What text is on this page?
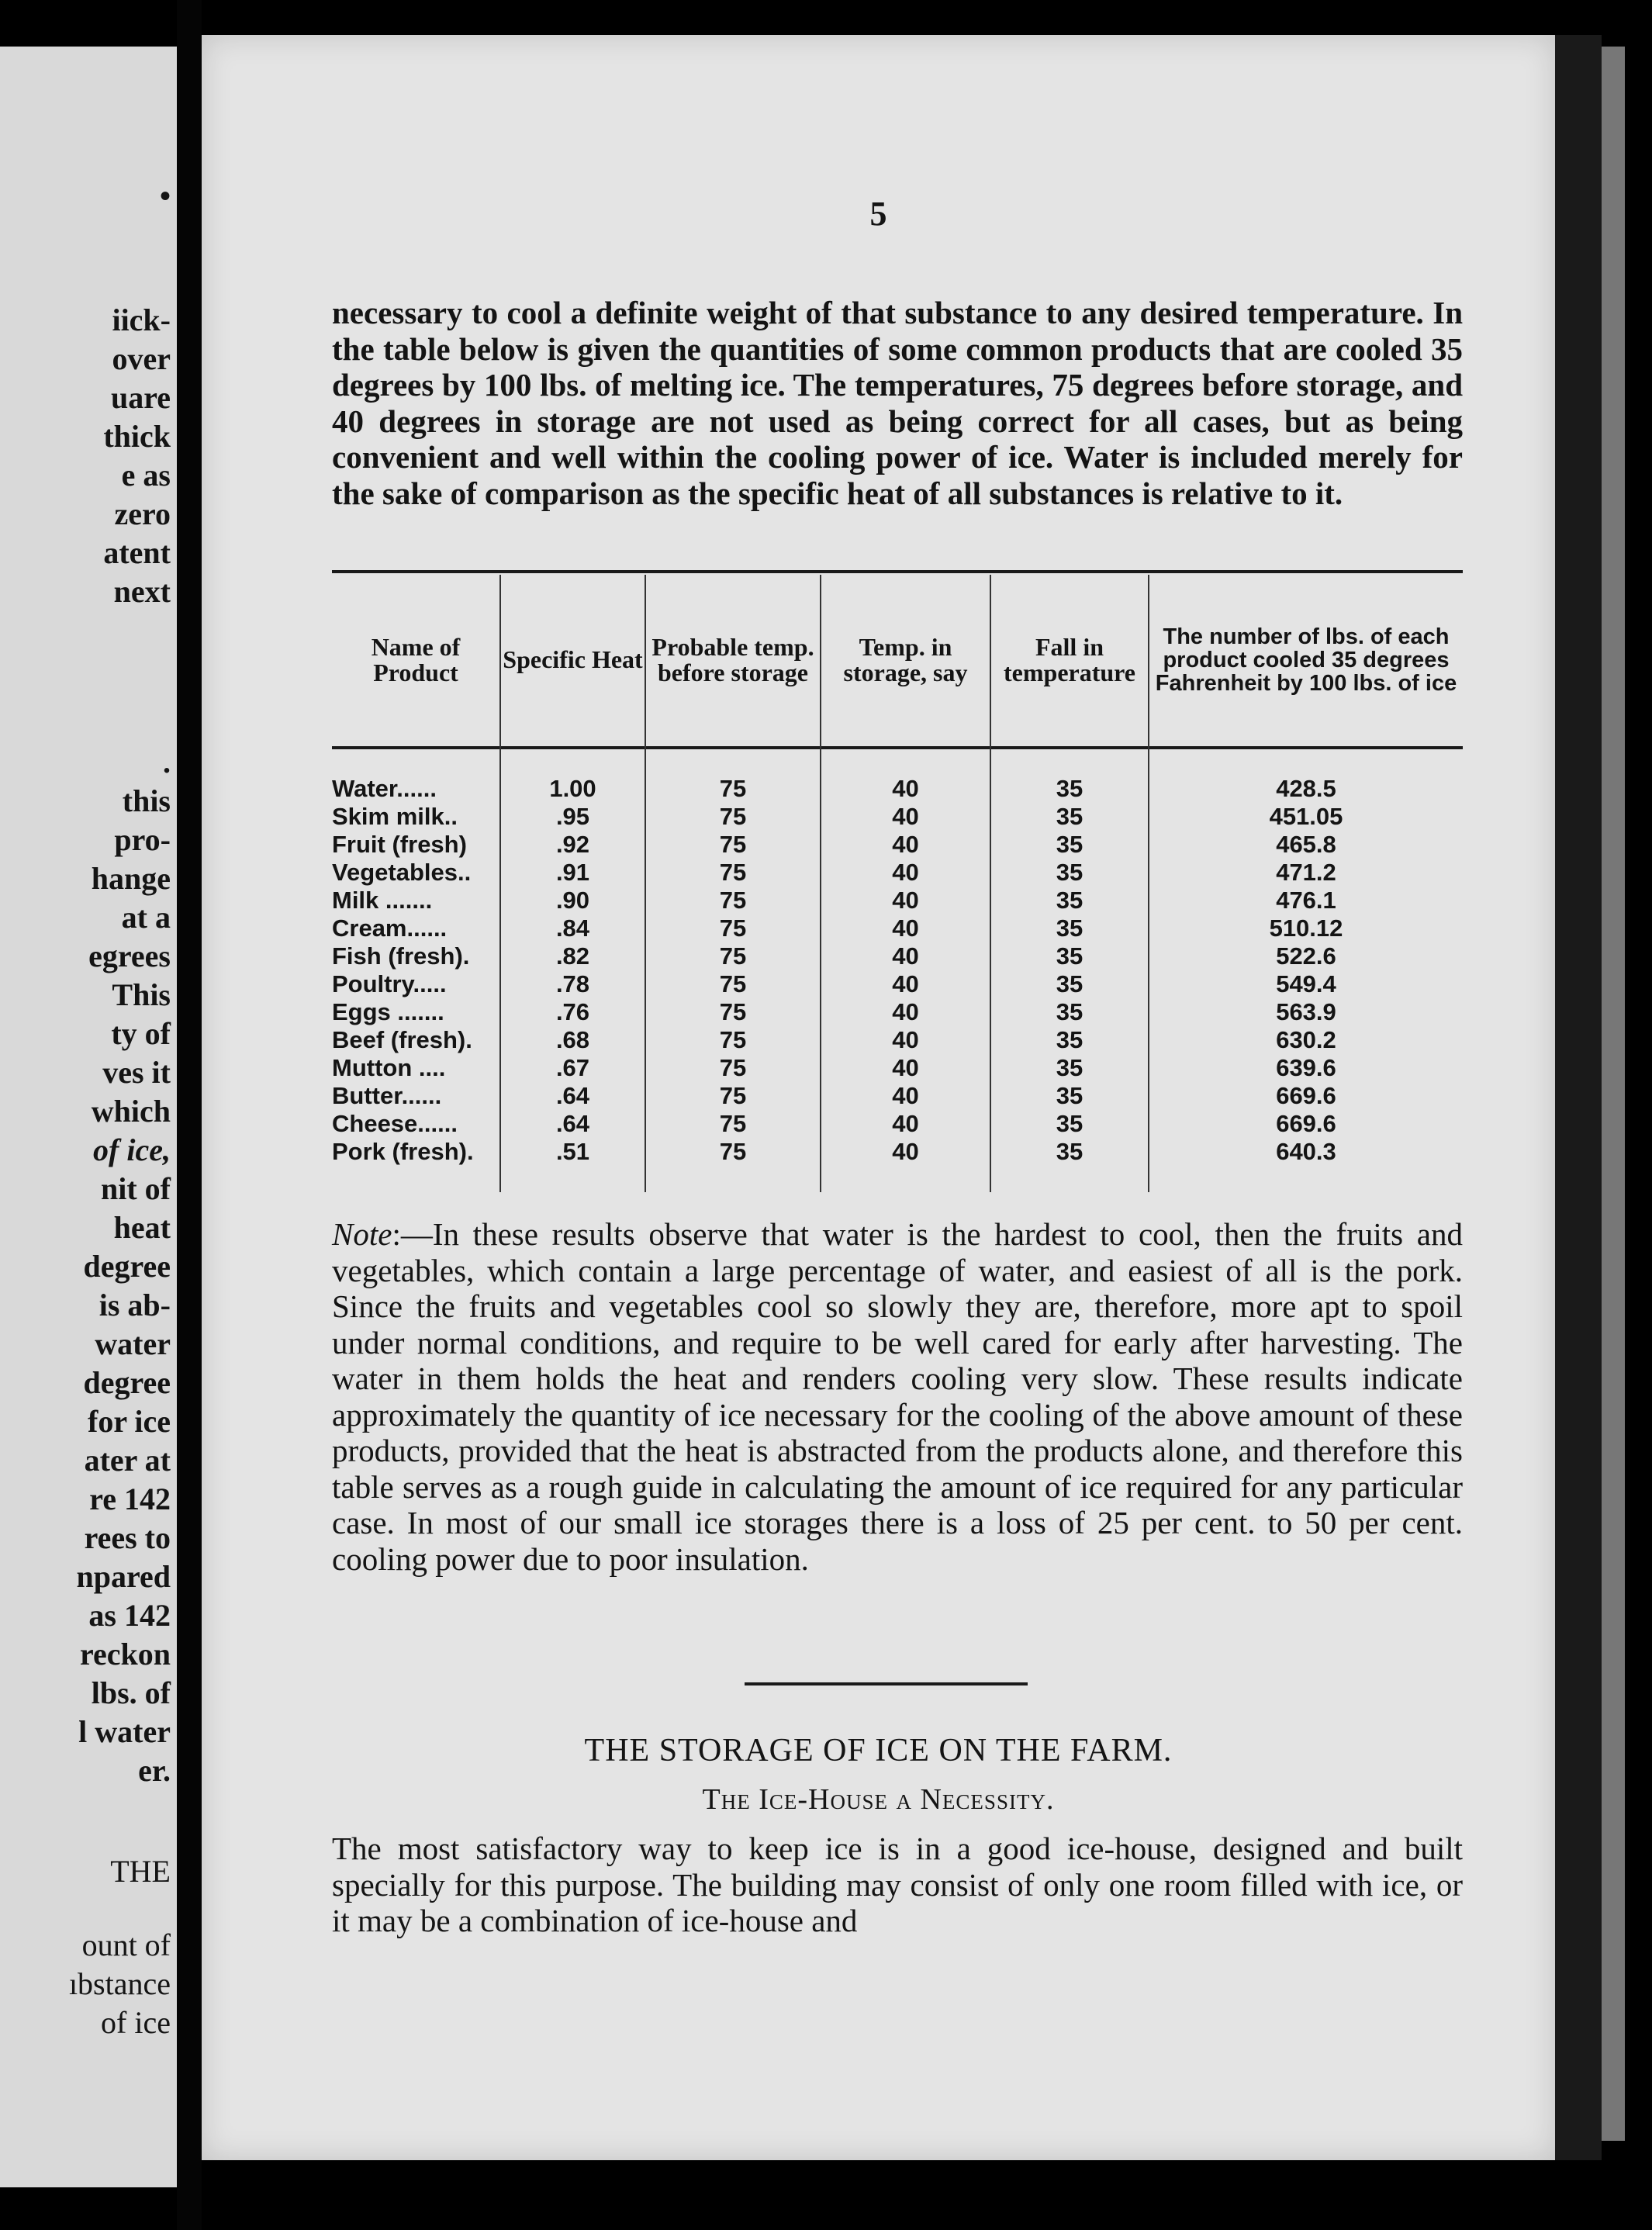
•
iick-
over
uare
thick
e as
zero
atent
next
.
this
pro-
hange
at a
egrees
This
ty of
ves it
which
of ice,
nit of
heat
degree
is ab-
water
degree
for ice
ater at
re 142
rees to
npared
as 142
reckon
lbs. of
l water
er.
THE
ount of
ıbstance
of ice
5

necessary to cool a definite weight of that substance to any desired temperature. In the table below is given the quantities of some common products that are cooled 35 degrees by 100 lbs. of melting ice. The temperatures, 75 degrees before storage, and 40 degrees in storage are not used as being correct for all cases, but as being convenient and well within the cooling power of ice. Water is included merely for the sake of comparison as the specific heat of all substances is relative to it.

Name of Product	Specific Heat Probable temp. before storage
Temp. in storage, say
Fall in temperature
The number of lbs. of each product cooled 35 degrees Fahrenheit by 100 lbs. of ice
Water......
Skim milk..
Fruit (fresh)
Vegetables..
Milk .......
Cream......
Fish (fresh).
Poultry.....
Eggs .......
Beef (fresh).
Mutton ....
Butter......
Cheese......
Pork (fresh).
1.00
.95
.92
.91
.90
.84
.82
.78
.76
.68
.67
.64
.64
.51
75
75
75
75
75
75
75
75
75
75
75
75
75
75
40
40
40
40
40
40
40
40
40
40
40
40
40
40
35
35
35
35
35
35
35
35
35
35
35
35
35
35
428.5
451.05
465.8
471.2
476.1
510.12
522.6
549.4
563.9
630.2
639.6
669.6
669.6
640.3

Note:—In these results observe that water is the hardest to cool, then the fruits and vegetables, which contain a large percentage of water, and easiest of all is the pork. Since the fruits and vegetables cool so slowly they are, therefore, more apt to spoil under normal conditions, and require to be well cared for early after harvesting. The water in them holds the heat and renders cooling very slow. These results indicate approximately the quantity of ice necessary for the cooling of the above amount of these products, provided that the heat is abstracted from the products alone, and therefore this table serves as a rough guide in calculating the amount of ice required for any particular case. In most of our small ice storages there is a loss of 25 per cent. to 50 per cent. cooling power due to poor insulation.

THE STORAGE OF ICE ON THE FARM.
The Ice-House a Necessity.

The most satisfactory way to keep ice is in a good ice-house, designed and built specially for this purpose. The building may consist of only one room filled with ice, or it may be a combination of ice-house and
